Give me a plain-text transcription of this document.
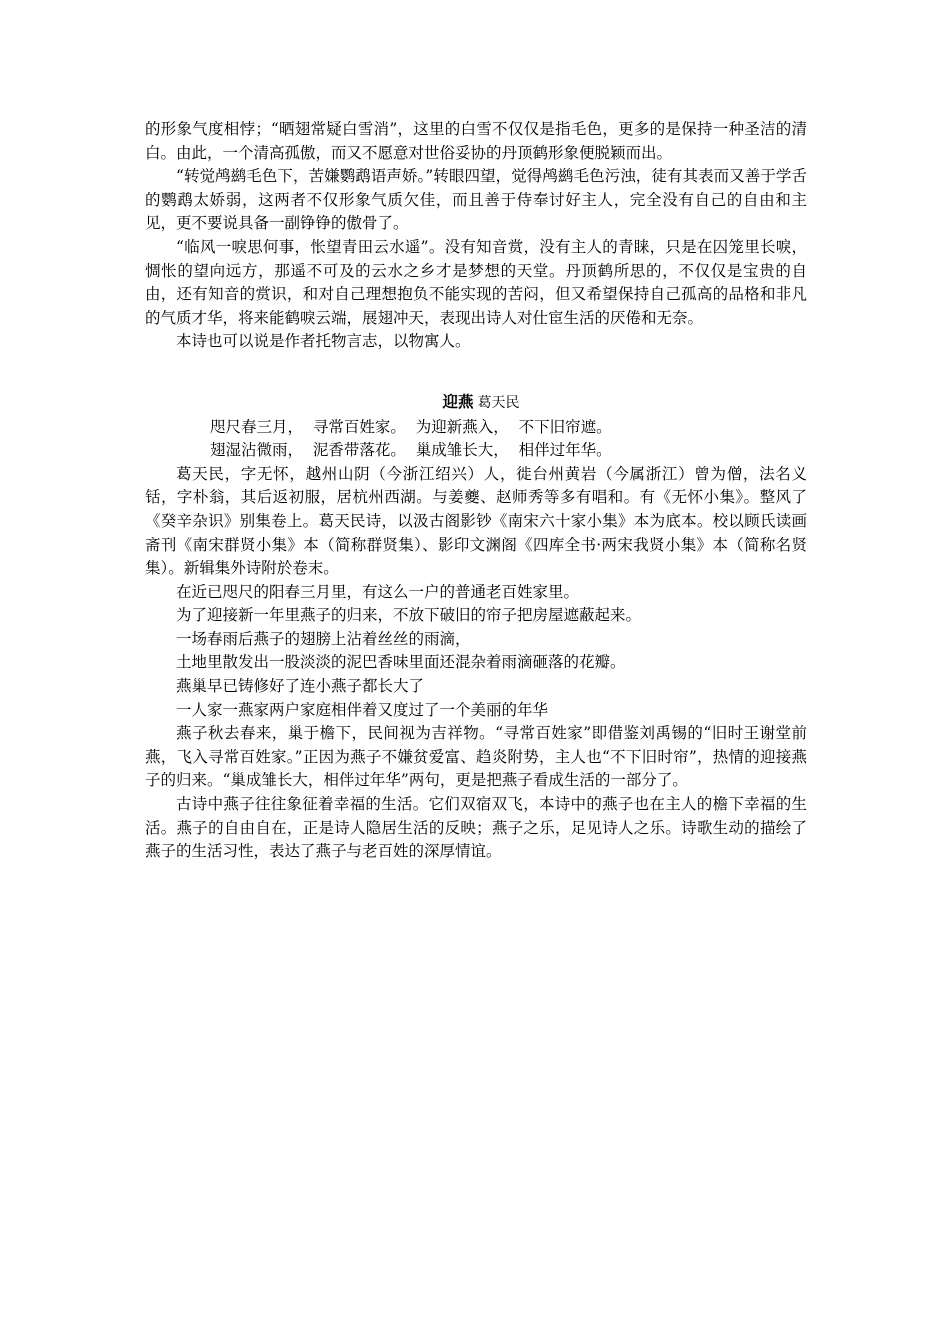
的形象气度相悖；“晒翅常疑白雪消”，这里的白雪不仅仅是指毛色，更多的是保持一种圣洁的清白。由此，一个清高孤傲，而又不愿意对世俗妥协的丹顶鹤形象便脱颖而出。

“转觉鸬鹚毛色下，苦嫌鹦鹉语声娇。”转眼四望，觉得鸬鹚毛色污浊，徒有其表而又善于学舌的鹦鹉太娇弱，这两者不仅形象气质欠佳，而且善于侍奉讨好主人，完全没有自己的自由和主见，更不要说具备一副铮铮的傲骨了。

“临风一唳思何事，怅望青田云水遥”。没有知音赏，没有主人的青睐，只是在囚笼里长唳，惆怅的望向远方，那遥不可及的云水之乡才是梦想的天堂。丹顶鹤所思的，不仅仅是宝贵的自由，还有知音的赏识，和对自己理想抱负不能实现的苦闷，但又希望保持自己孤高的品格和非凡的气质才华，将来能鹤唳云端，展翅冲天，表现出诗人对仕宦生活的厌倦和无奈。

本诗也可以说是作者托物言志，以物寓人。

迎燕 葛天民

咫尺春三月，  寻常百姓家。  为迎新燕入，  不下旧帘遮。

翅湿沾微雨，  泥香带落花。  巢成雏长大，  相伴过年华。

葛天民，字无怀，越州山阴（今浙江绍兴）人，徙台州黄岩（今属浙江）曾为僧，法名义铦，字朴翁，其后返初服，居杭州西湖。与姜夔、赵师秀等多有唱和。有《无怀小集》。整风了《癸辛杂识》别集卷上。葛天民诗，以汲古阁影钞《南宋六十家小集》本为底本。校以顾氏读画斋刊《南宋群贤小集》本（简称群贤集）、影印文渊阁《四库全书·两宋我贤小集》本（简称名贤集）。新辑集外诗附於卷末。

在近已咫尺的阳春三月里，有这么一户的普通老百姓家里。

为了迎接新一年里燕子的归来，不放下破旧的帘子把房屋遮蔽起来。

一场春雨后燕子的翅膀上沾着丝丝的雨滴，

土地里散发出一股淡淡的泥巴香味里面还混杂着雨滴砸落的花瓣。

燕巢早已铸修好了连小燕子都长大了

一人家一燕家两户家庭相伴着又度过了一个美丽的年华

燕子秋去春来，巢于檐下，民间视为吉祥物。“寻常百姓家”即借鉴刘禹锡的“旧时王谢堂前燕，飞入寻常百姓家。”正因为燕子不嫌贫爱富、趋炎附势，主人也“不下旧时帘”，热情的迎接燕子的归来。“巢成雏长大，相伴过年华”两句，更是把燕子看成生活的一部分了。

古诗中燕子往往象征着幸福的生活。它们双宿双飞，本诗中的燕子也在主人的檐下幸福的生活。燕子的自由自在，正是诗人隐居生活的反映；燕子之乐，足见诗人之乐。诗歌生动的描绘了燕子的生活习性，表达了燕子与老百姓的深厚情谊。
